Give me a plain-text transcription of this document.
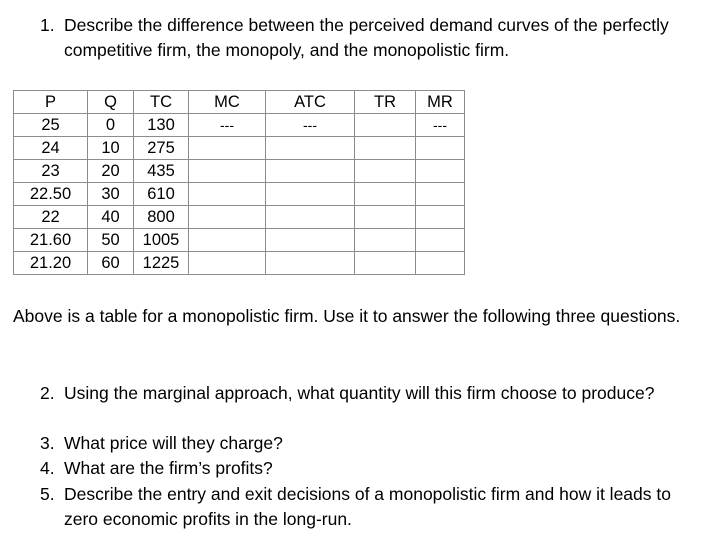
1. Describe the difference between the perceived demand curves of the perfectly competitive firm, the monopoly, and the monopolistic firm.
P	Q	TC	MC	ATC	TR	MR
25	0	130	---	---		---
24	10	275				
23	20	435				
22.50	30	610				
22	40	800				
21.60	50	1005				
21.20	60	1225				
Above is a table for a monopolistic firm. Use it to answer the following three questions.
2. Using the marginal approach, what quantity will this firm choose to produce?
3. What price will they charge?
4. What are the firm’s profits?
5. Describe the entry and exit decisions of a monopolistic firm and how it leads to zero economic profits in the long-run.
